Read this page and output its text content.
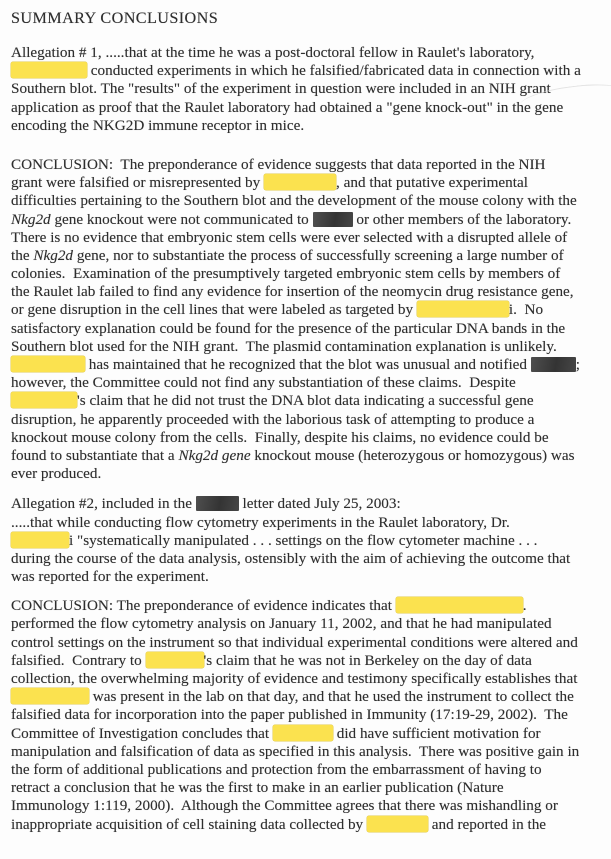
SUMMARY CONCLUSIONS
Allegation # 1, .....that at the time he was a post-doctoral fellow in Raulet's laboratory,
conducted experiments in which he falsified/fabricated data in connection with a
Southern blot. The "results" of the experiment in question were included in an NIH grant
application as proof that the Raulet laboratory had obtained a "gene knock-out" in the gene
encoding the NKG2D immune receptor in mice.
CONCLUSION:  The preponderance of evidence suggests that data reported in the NIH
grant were falsified or misrepresented by	, and that putative experimental
difficulties pertaining to the Southern blot and the development of the mouse colony with the
Nkg2d gene knockout were not communicated to	or other members of the laboratory.
There is no evidence that embryonic stem cells were ever selected with a disrupted allele of
the Nkg2d gene, nor to substantiate the process of successfully screening a large number of
colonies.  Examination of the presumptively targeted embryonic stem cells by members of
the Raulet lab failed to find any evidence for insertion of the neomycin drug resistance gene,
or gene disruption in the cell lines that were labeled as targeted by	i.  No
satisfactory explanation could be found for the presence of the particular DNA bands in the
Southern blot used for the NIH grant.  The plasmid contamination explanation is unlikely.
has maintained that he recognized that the blot was unusual and notified	;
however, the Committee could not find any substantiation of these claims.  Despite
's claim that he did not trust the DNA blot data indicating a successful gene
disruption, he apparently proceeded with the laborious task of attempting to produce a
knockout mouse colony from the cells.  Finally, despite his claims, no evidence could be
found to substantiate that a Nkg2d gene knockout mouse (heterozygous or homozygous) was
ever produced.
Allegation #2, included in the	letter dated July 25, 2003:
.....that while conducting flow cytometry experiments in the Raulet laboratory, Dr.
i "systematically manipulated . . . settings on the flow cytometer machine . . .
during the course of the data analysis, ostensibly with the aim of achieving the outcome that
was reported for the experiment.
CONCLUSION: The preponderance of evidence indicates that	.
performed the flow cytometry analysis on January 11, 2002, and that he had manipulated
control settings on the instrument so that individual experimental conditions were altered and
falsified.  Contrary to	's claim that he was not in Berkeley on the day of data
collection, the overwhelming majority of evidence and testimony specifically establishes that
was present in the lab on that day, and that he used the instrument to collect the
falsified data for incorporation into the paper published in Immunity (17:19-29, 2002).  The
Committee of Investigation concludes that	did have sufficient motivation for
manipulation and falsification of data as specified in this analysis.  There was positive gain in
the form of additional publications and protection from the embarrassment of having to
retract a conclusion that he was the first to make in an earlier publication (Nature
Immunology 1:119, 2000).  Although the Committee agrees that there was mishandling or
inappropriate acquisition of cell staining data collected by	and reported in the
